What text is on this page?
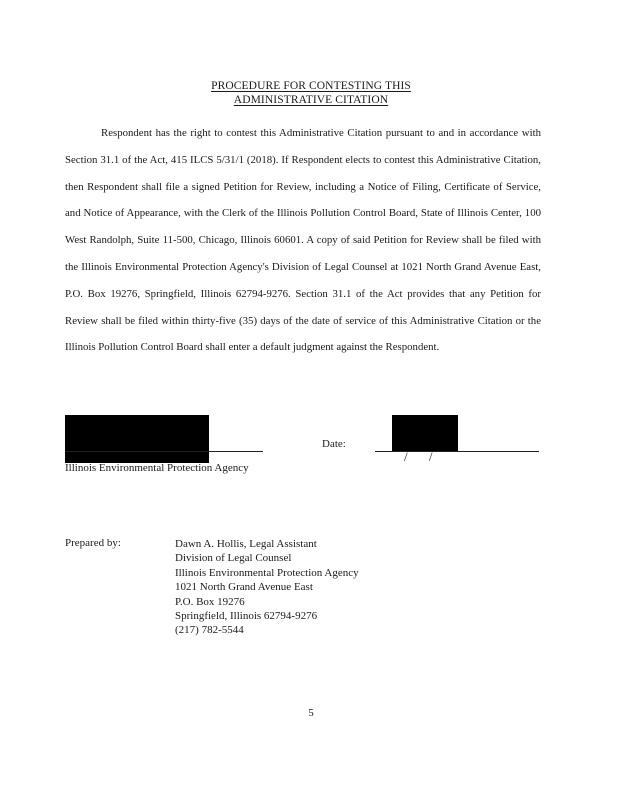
PROCEDURE FOR CONTESTING THIS
ADMINISTRATIVE CITATION

Respondent has the right to contest this Administrative Citation pursuant to and in accordance with Section 31.1 of the Act, 415 ILCS 5/31/1 (2018). If Respondent elects to contest this Administrative Citation, then Respondent shall file a signed Petition for Review, including a Notice of Filing, Certificate of Service, and Notice of Appearance, with the Clerk of the Illinois Pollution Control Board, State of Illinois Center, 100 West Randolph, Suite 11-500, Chicago, Illinois 60601. A copy of said Petition for Review shall be filed with the Illinois Environmental Protection Agency's Division of Legal Counsel at 1021 North Grand Avenue East, P.O. Box 19276, Springfield, Illinois 62794-9276. Section 31.1 of the Act provides that any Petition for Review shall be filed within thirty-five (35) days of the date of service of this Administrative Citation or the Illinois Pollution Control Board shall enter a default judgment against the Respondent.

Illinois Environmental Protection Agency
Date:
/ /
Prepared by:	Dawn A. Hollis, Legal Assistant
Division of Legal Counsel
Illinois Environmental Protection Agency
1021 North Grand Avenue East
P.O. Box 19276
Springfield, Illinois 62794-9276
(217) 782-5544
5
